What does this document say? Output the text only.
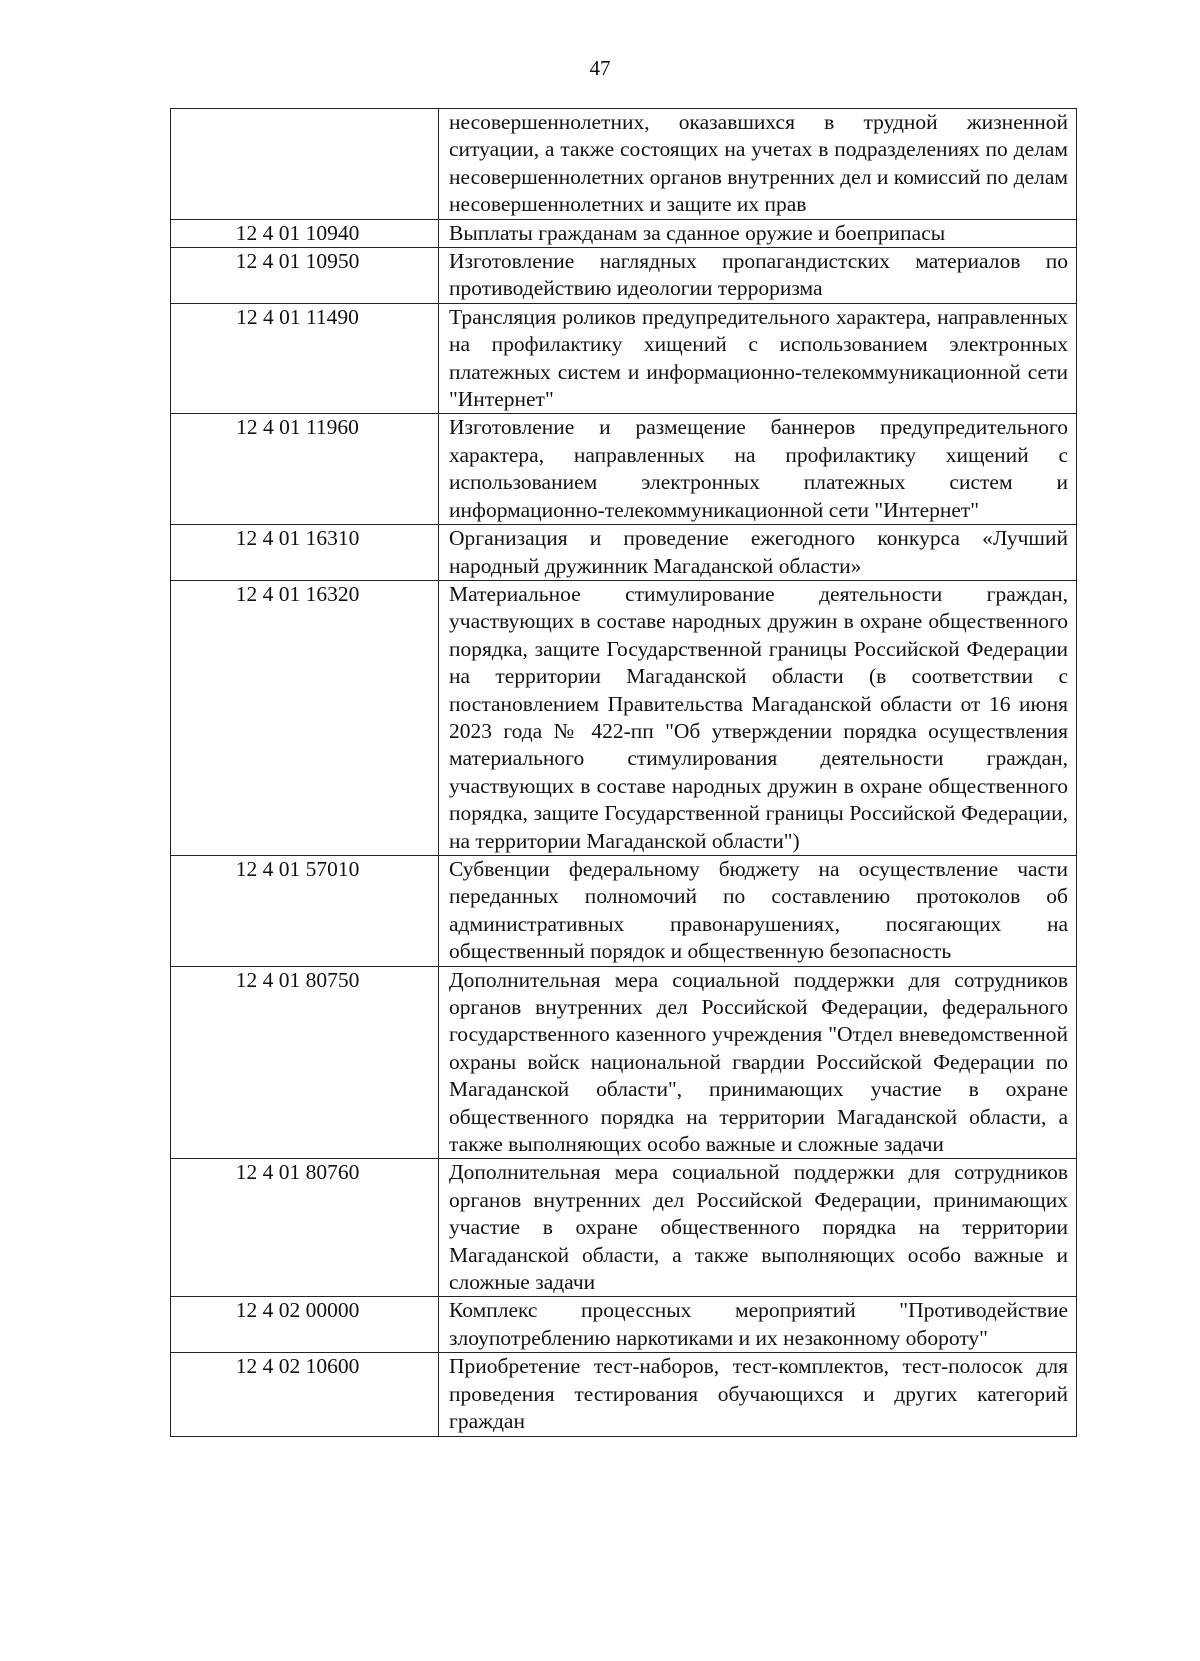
47
	несовершеннолетних, оказавшихся в трудной жизненной ситуации, а также состоящих на учетах в подразделениях по делам несовершеннолетних органов внутренних дел и комиссий по делам несовершеннолетних и защите их прав
12 4 01 10940	Выплаты гражданам за сданное оружие и боеприпасы
12 4 01 10950	Изготовление наглядных пропагандистских материалов по противодействию идеологии терроризма
12 4 01 11490	Трансляция роликов предупредительного характера, направленных на профилактику хищений с использованием электронных платежных систем и информационно-телекоммуникационной сети "Интернет"
12 4 01 11960	Изготовление и размещение баннеров предупредительного характера, направленных на профилактику хищений с использованием электронных платежных систем и информационно-телекоммуникационной сети "Интернет"
12 4 01 16310	Организация и проведение ежегодного конкурса «Лучший народный дружинник Магаданской области»
12 4 01 16320	Материальное стимулирование деятельности граждан, участвующих в составе народных дружин в охране общественного порядка, защите Государственной границы Российской Федерации на территории Магаданской области (в соответствии с постановлением Правительства Магаданской области от 16 июня 2023 года № 422-пп "Об утверждении порядка осуществления материального стимулирования деятельности граждан, участвующих в составе народных дружин в охране общественного порядка, защите Государственной границы Российской Федерации, на территории Магаданской области")
12 4 01 57010	Субвенции федеральному бюджету на осуществление части переданных полномочий по составлению протоколов об административных правонарушениях, посягающих на общественный порядок и общественную безопасность
12 4 01 80750	Дополнительная мера социальной поддержки для сотрудников органов внутренних дел Российской Федерации, федерального государственного казенного учреждения "Отдел вневедомственной охраны войск национальной гвардии Российской Федерации по Магаданской области", принимающих участие в охране общественного порядка на территории Магаданской области, а также выполняющих особо важные и сложные задачи
12 4 01 80760	Дополнительная мера социальной поддержки для сотрудников органов внутренних дел Российской Федерации, принимающих участие в охране общественного порядка на территории Магаданской области, а также выполняющих особо важные и сложные задачи
12 4 02 00000	Комплекс процессных мероприятий "Противодействие злоупотреблению наркотиками и их незаконному обороту"
12 4 02 10600	Приобретение тест-наборов, тест-комплектов, тест-полосок для проведения тестирования обучающихся и других категорий граждан
